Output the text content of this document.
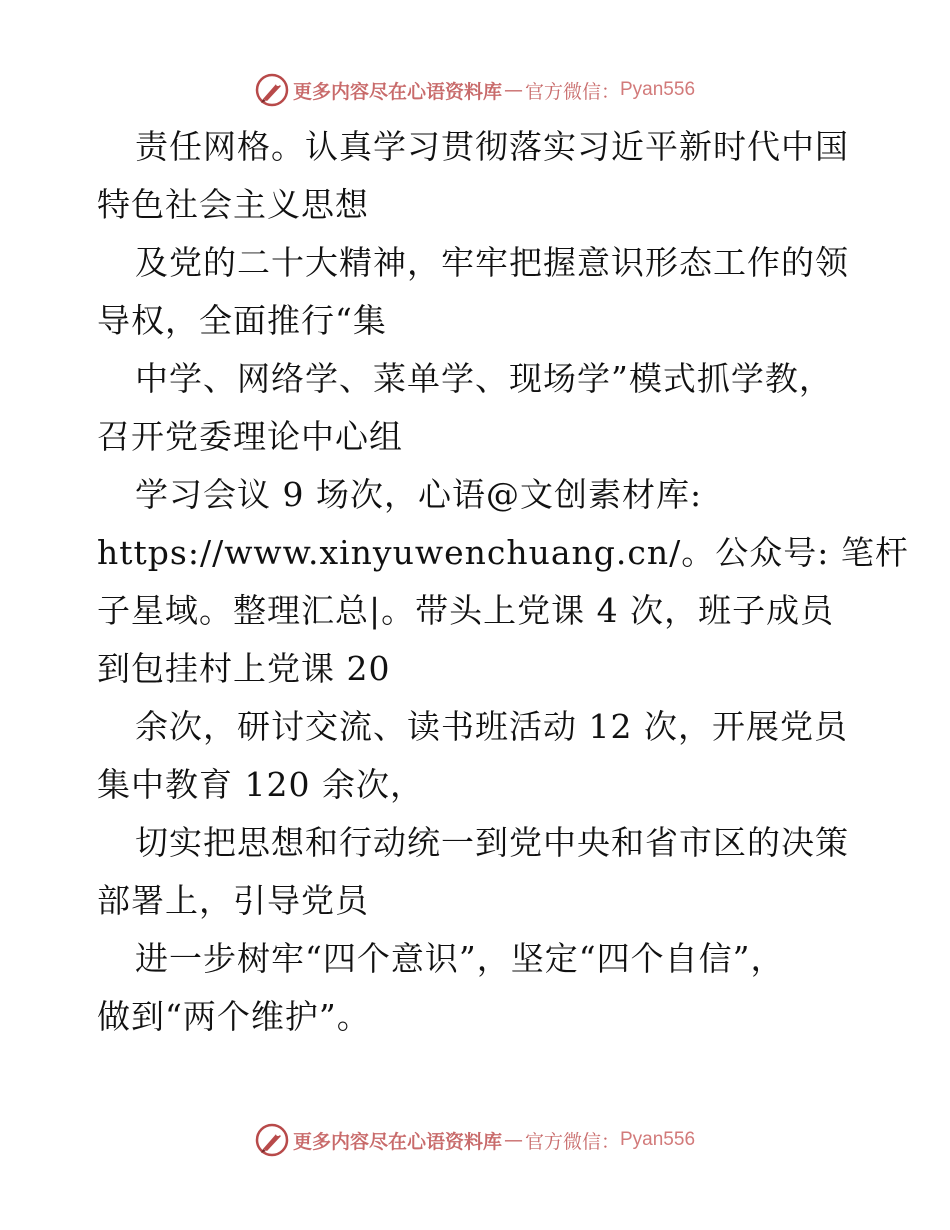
更多内容尽在心语资料库 — 官方微信： Pyan556
责任网格。认真学习贯彻落实习近平新时代中国
特色社会主义思想
及党的二十大精神，牢牢把握意识形态工作的领
导权，全面推行“集
中学、网络学、菜单学、现场学”模式抓学教，
召开党委理论中心组
学习会议 9 场次，心语@文创素材库:
https://www.xinyuwenchuang.cn/。公众号: 笔杆
子星域。整理汇总|。带头上党课 4 次，班子成员
到包挂村上党课 20
余次，研讨交流、读书班活动 12 次，开展党员
集中教育 120 余次，
切实把思想和行动统一到党中央和省市区的决策
部署上，引导党员
进一步树牢“四个意识”，坚定“四个自信”，
做到“两个维护”。
更多内容尽在心语资料库 — 官方微信： Pyan556
